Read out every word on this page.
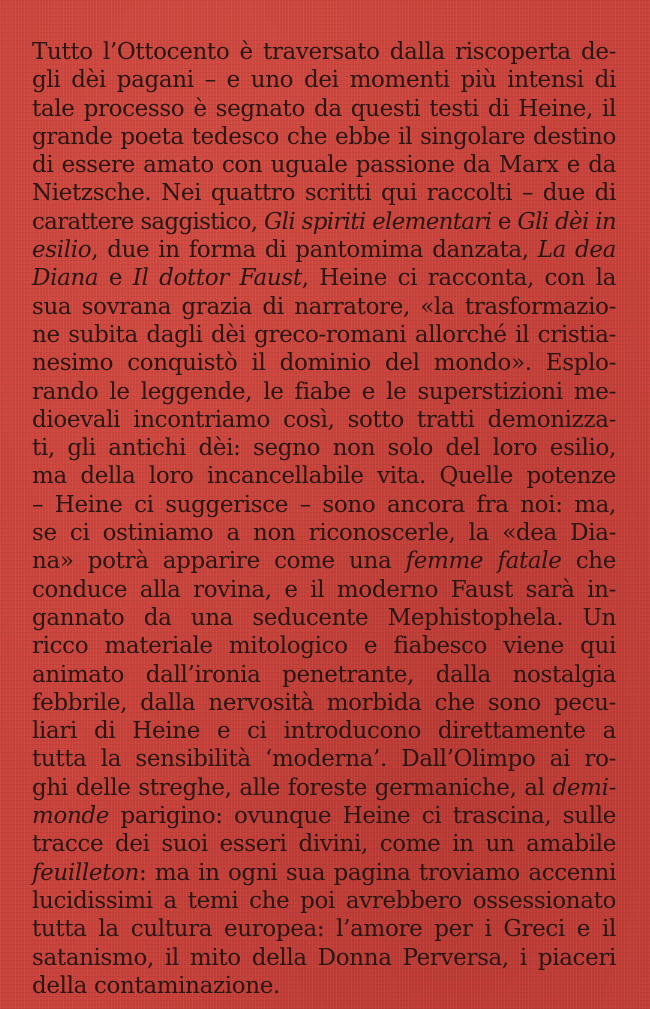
Tutto l’Ottocento è traversato dalla riscoperta de-
gli dèi pagani – e uno dei momenti più intensi di
tale processo è segnato da questi testi di Heine, il
grande poeta tedesco che ebbe il singolare destino
di essere amato con uguale passione da Marx e da
Nietzsche. Nei quattro scritti qui raccolti – due di
carattere saggistico, Gli spiriti elementari e Gli dèi in
esilio, due in forma di pantomima danzata, La dea
Diana e Il dottor Faust, Heine ci racconta, con la
sua sovrana grazia di narratore, «la trasformazio-
ne subita dagli dèi greco-romani allorché il cristia-
nesimo conquistò il dominio del mondo». Esplo-
rando le leggende, le fiabe e le superstizioni me-
dioevali incontriamo così, sotto tratti demonizza-
ti, gli antichi dèi: segno non solo del loro esilio,
ma della loro incancellabile vita. Quelle potenze
– Heine ci suggerisce – sono ancora fra noi: ma,
se ci ostiniamo a non riconoscerle, la «dea Dia-
na» potrà apparire come una femme fatale che
conduce alla rovina, e il moderno Faust sarà in-
gannato da una seducente Mephistophela. Un
ricco materiale mitologico e fiabesco viene qui
animato dall’ironia penetrante, dalla nostalgia
febbrile, dalla nervosità morbida che sono pecu-
liari di Heine e ci introducono direttamente a
tutta la sensibilità ‘moderna’. Dall’Olimpo ai ro-
ghi delle streghe, alle foreste germaniche, al demi-
monde parigino: ovunque Heine ci trascina, sulle
tracce dei suoi esseri divini, come in un amabile
feuilleton: ma in ogni sua pagina troviamo accenni
lucidissimi a temi che poi avrebbero ossessionato
tutta la cultura europea: l’amore per i Greci e il
satanismo, il mito della Donna Perversa, i piaceri
della contaminazione.
